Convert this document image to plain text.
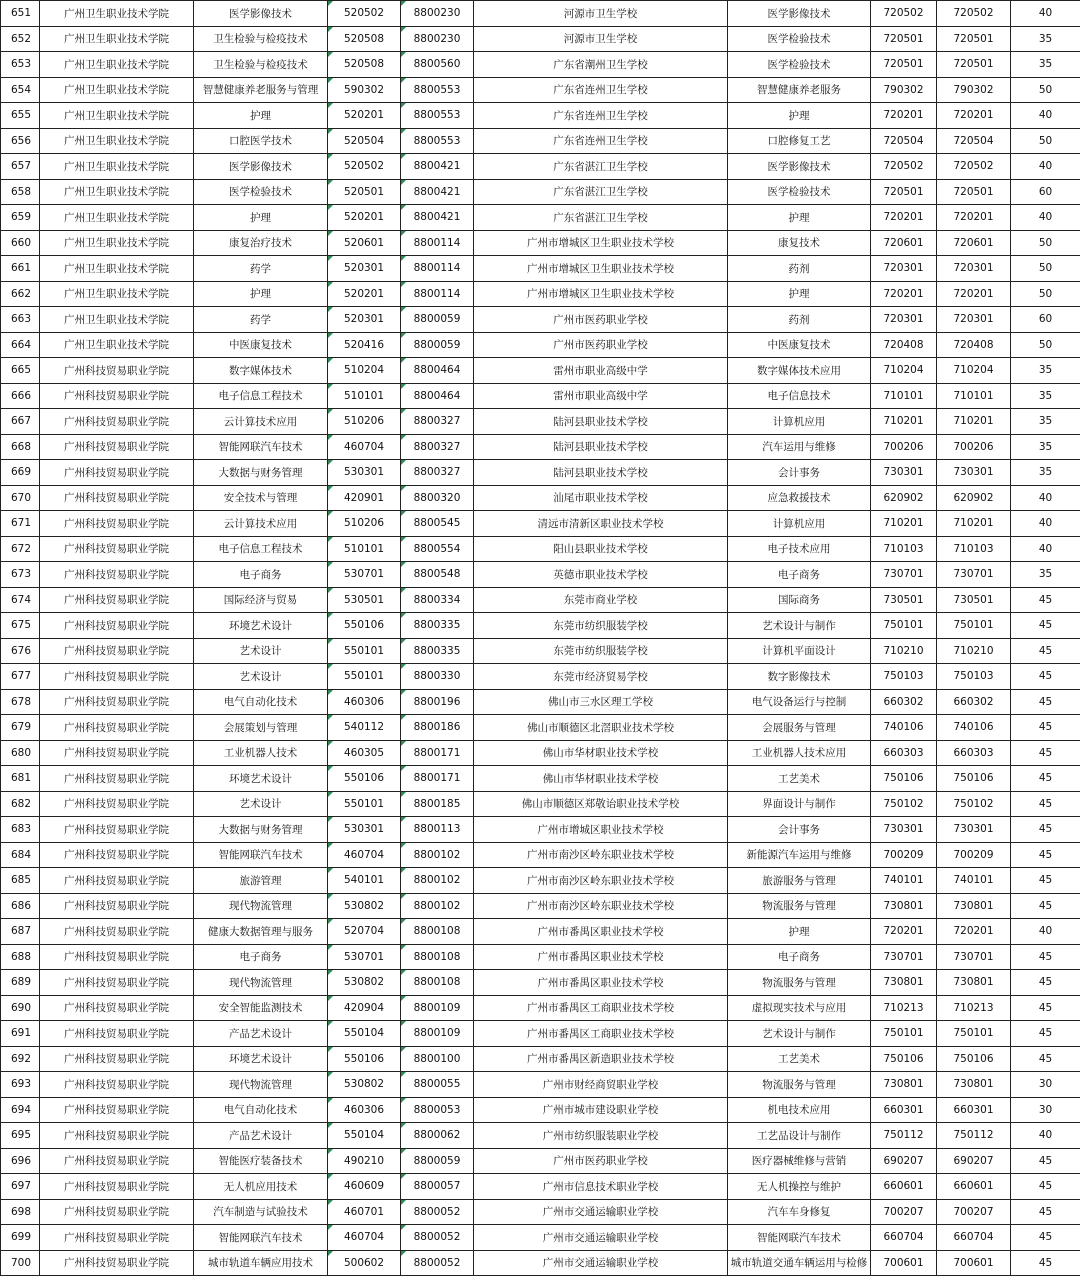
651	广州卫生职业技术学院	医学影像技术	520502	8800230	河源市卫生学校	医学影像技术	720502	720502	40
652	广州卫生职业技术学院	卫生检验与检疫技术	520508	8800230	河源市卫生学校	医学检验技术	720501	720501	35
653	广州卫生职业技术学院	卫生检验与检疫技术	520508	8800560	广东省潮州卫生学校	医学检验技术	720501	720501	35
654	广州卫生职业技术学院	智慧健康养老服务与管理	590302	8800553	广东省连州卫生学校	智慧健康养老服务	790302	790302	50
655	广州卫生职业技术学院	护理	520201	8800553	广东省连州卫生学校	护理	720201	720201	40
656	广州卫生职业技术学院	口腔医学技术	520504	8800553	广东省连州卫生学校	口腔修复工艺	720504	720504	50
657	广州卫生职业技术学院	医学影像技术	520502	8800421	广东省湛江卫生学校	医学影像技术	720502	720502	40
658	广州卫生职业技术学院	医学检验技术	520501	8800421	广东省湛江卫生学校	医学检验技术	720501	720501	60
659	广州卫生职业技术学院	护理	520201	8800421	广东省湛江卫生学校	护理	720201	720201	40
660	广州卫生职业技术学院	康复治疗技术	520601	8800114	广州市增城区卫生职业技术学校	康复技术	720601	720601	50
661	广州卫生职业技术学院	药学	520301	8800114	广州市增城区卫生职业技术学校	药剂	720301	720301	50
662	广州卫生职业技术学院	护理	520201	8800114	广州市增城区卫生职业技术学校	护理	720201	720201	50
663	广州卫生职业技术学院	药学	520301	8800059	广州市医药职业学校	药剂	720301	720301	60
664	广州卫生职业技术学院	中医康复技术	520416	8800059	广州市医药职业学校	中医康复技术	720408	720408	50
665	广州科技贸易职业学院	数字媒体技术	510204	8800464	雷州市职业高级中学	数字媒体技术应用	710204	710204	35
666	广州科技贸易职业学院	电子信息工程技术	510101	8800464	雷州市职业高级中学	电子信息技术	710101	710101	35
667	广州科技贸易职业学院	云计算技术应用	510206	8800327	陆河县职业技术学校	计算机应用	710201	710201	35
668	广州科技贸易职业学院	智能网联汽车技术	460704	8800327	陆河县职业技术学校	汽车运用与维修	700206	700206	35
669	广州科技贸易职业学院	大数据与财务管理	530301	8800327	陆河县职业技术学校	会计事务	730301	730301	35
670	广州科技贸易职业学院	安全技术与管理	420901	8800320	汕尾市职业技术学校	应急救援技术	620902	620902	40
671	广州科技贸易职业学院	云计算技术应用	510206	8800545	清远市清新区职业技术学校	计算机应用	710201	710201	40
672	广州科技贸易职业学院	电子信息工程技术	510101	8800554	阳山县职业技术学校	电子技术应用	710103	710103	40
673	广州科技贸易职业学院	电子商务	530701	8800548	英德市职业技术学校	电子商务	730701	730701	35
674	广州科技贸易职业学院	国际经济与贸易	530501	8800334	东莞市商业学校	国际商务	730501	730501	45
675	广州科技贸易职业学院	环境艺术设计	550106	8800335	东莞市纺织服装学校	艺术设计与制作	750101	750101	45
676	广州科技贸易职业学院	艺术设计	550101	8800335	东莞市纺织服装学校	计算机平面设计	710210	710210	45
677	广州科技贸易职业学院	艺术设计	550101	8800330	东莞市经济贸易学校	数字影像技术	750103	750103	45
678	广州科技贸易职业学院	电气自动化技术	460306	8800196	佛山市三水区理工学校	电气设备运行与控制	660302	660302	45
679	广州科技贸易职业学院	会展策划与管理	540112	8800186	佛山市顺德区北滘职业技术学校	会展服务与管理	740106	740106	45
680	广州科技贸易职业学院	工业机器人技术	460305	8800171	佛山市华材职业技术学校	工业机器人技术应用	660303	660303	45
681	广州科技贸易职业学院	环境艺术设计	550106	8800171	佛山市华材职业技术学校	工艺美术	750106	750106	45
682	广州科技贸易职业学院	艺术设计	550101	8800185	佛山市顺德区郑敬诒职业技术学校	界面设计与制作	750102	750102	45
683	广州科技贸易职业学院	大数据与财务管理	530301	8800113	广州市增城区职业技术学校	会计事务	730301	730301	45
684	广州科技贸易职业学院	智能网联汽车技术	460704	8800102	广州市南沙区岭东职业技术学校	新能源汽车运用与维修	700209	700209	45
685	广州科技贸易职业学院	旅游管理	540101	8800102	广州市南沙区岭东职业技术学校	旅游服务与管理	740101	740101	45
686	广州科技贸易职业学院	现代物流管理	530802	8800102	广州市南沙区岭东职业技术学校	物流服务与管理	730801	730801	45
687	广州科技贸易职业学院	健康大数据管理与服务	520704	8800108	广州市番禺区职业技术学校	护理	720201	720201	40
688	广州科技贸易职业学院	电子商务	530701	8800108	广州市番禺区职业技术学校	电子商务	730701	730701	45
689	广州科技贸易职业学院	现代物流管理	530802	8800108	广州市番禺区职业技术学校	物流服务与管理	730801	730801	45
690	广州科技贸易职业学院	安全智能监测技术	420904	8800109	广州市番禺区工商职业技术学校	虚拟现实技术与应用	710213	710213	45
691	广州科技贸易职业学院	产品艺术设计	550104	8800109	广州市番禺区工商职业技术学校	艺术设计与制作	750101	750101	45
692	广州科技贸易职业学院	环境艺术设计	550106	8800100	广州市番禺区新造职业技术学校	工艺美术	750106	750106	45
693	广州科技贸易职业学院	现代物流管理	530802	8800055	广州市财经商贸职业学校	物流服务与管理	730801	730801	30
694	广州科技贸易职业学院	电气自动化技术	460306	8800053	广州市城市建设职业学校	机电技术应用	660301	660301	30
695	广州科技贸易职业学院	产品艺术设计	550104	8800062	广州市纺织服装职业学校	工艺品设计与制作	750112	750112	40
696	广州科技贸易职业学院	智能医疗装备技术	490210	8800059	广州市医药职业学校	医疗器械维修与营销	690207	690207	45
697	广州科技贸易职业学院	无人机应用技术	460609	8800057	广州市信息技术职业学校	无人机操控与维护	660601	660601	45
698	广州科技贸易职业学院	汽车制造与试验技术	460701	8800052	广州市交通运输职业学校	汽车车身修复	700207	700207	45
699	广州科技贸易职业学院	智能网联汽车技术	460704	8800052	广州市交通运输职业学校	智能网联汽车技术	660704	660704	45
700	广州科技贸易职业学院	城市轨道车辆应用技术	500602	8800052	广州市交通运输职业学校	城市轨道交通车辆运用与检修	700601	700601	45
